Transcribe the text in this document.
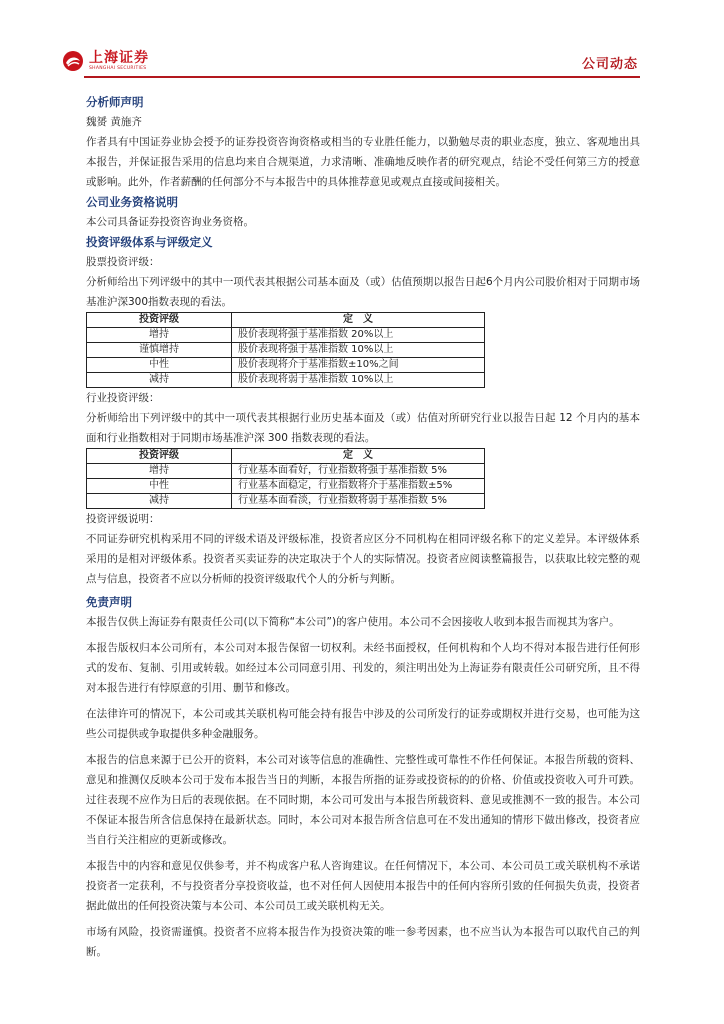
上海证券
SHANGHAI SECURITIES	公司动态

分析师声明

魏赟 黄施齐

作者具有中国证券业协会授予的证券投资咨询资格或相当的专业胜任能力，以勤勉尽责的职业态度，独立、客观地出具本报告，并保证报告采用的信息均来自合规渠道，力求清晰、准确地反映作者的研究观点，结论不受任何第三方的授意或影响。此外，作者薪酬的任何部分不与本报告中的具体推荐意见或观点直接或间接相关。

公司业务资格说明

本公司具备证券投资咨询业务资格。

投资评级体系与评级定义

股票投资评级：

分析师给出下列评级中的其中一项代表其根据公司基本面及（或）估值预期以报告日起6个月内公司股价相对于同期市场基准沪深300指数表现的看法。

投资评级	定　义
增持	股价表现将强于基准指数 20%以上
谨慎增持	股价表现将强于基准指数 10%以上
中性	股价表现将介于基准指数±10%之间
减持	股价表现将弱于基准指数 10%以上

行业投资评级：

分析师给出下列评级中的其中一项代表其根据行业历史基本面及（或）估值对所研究行业以报告日起 12 个月内的基本面和行业指数相对于同期市场基准沪深 300 指数表现的看法。

投资评级	定　义
增持	行业基本面看好，行业指数将强于基准指数 5%
中性	行业基本面稳定，行业指数将介于基准指数±5%
减持	行业基本面看淡，行业指数将弱于基准指数 5%

投资评级说明：

不同证券研究机构采用不同的评级术语及评级标准，投资者应区分不同机构在相同评级名称下的定义差异。本评级体系采用的是相对评级体系。投资者买卖证券的决定取决于个人的实际情况。投资者应阅读整篇报告，以获取比较完整的观点与信息，投资者不应以分析师的投资评级取代个人的分析与判断。

免责声明

本报告仅供上海证券有限责任公司(以下简称“本公司”)的客户使用。本公司不会因接收人收到本报告而视其为客户。

本报告版权归本公司所有，本公司对本报告保留一切权利。未经书面授权，任何机构和个人均不得对本报告进行任何形式的发布、复制、引用或转载。如经过本公司同意引用、刊发的，须注明出处为上海证券有限责任公司研究所，且不得对本报告进行有悖原意的引用、删节和修改。

在法律许可的情况下，本公司或其关联机构可能会持有报告中涉及的公司所发行的证券或期权并进行交易，也可能为这些公司提供或争取提供多种金融服务。

本报告的信息来源于已公开的资料，本公司对该等信息的准确性、完整性或可靠性不作任何保证。本报告所载的资料、意见和推测仅反映本公司于发布本报告当日的判断，本报告所指的证券或投资标的的价格、价值或投资收入可升可跌。过往表现不应作为日后的表现依据。在不同时期，本公司可发出与本报告所载资料、意见或推测不一致的报告。本公司不保证本报告所含信息保持在最新状态。同时，本公司对本报告所含信息可在不发出通知的情形下做出修改，投资者应当自行关注相应的更新或修改。

本报告中的内容和意见仅供参考，并不构成客户私人咨询建议。在任何情况下，本公司、本公司员工或关联机构不承诺投资者一定获利，不与投资者分享投资收益，也不对任何人因使用本报告中的任何内容所引致的任何损失负责，投资者据此做出的任何投资决策与本公司、本公司员工或关联机构无关。

市场有风险，投资需谨慎。投资者不应将本报告作为投资决策的唯一参考因素，也不应当认为本报告可以取代自己的判断。
